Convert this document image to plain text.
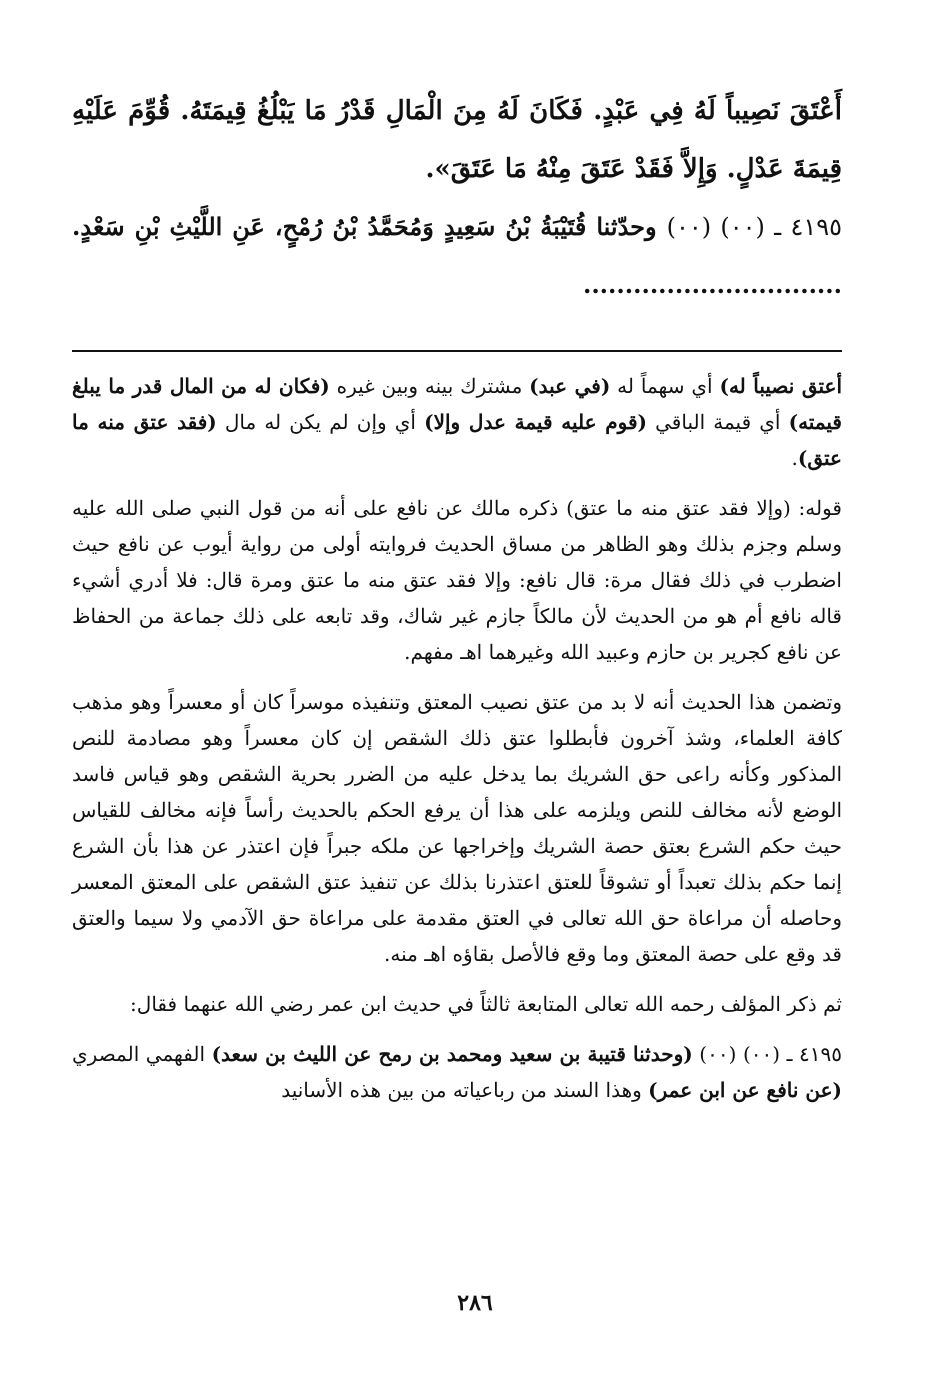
أَعْتَقَ نَصِيباً لَهُ فِي عَبْدٍ. فَكَانَ لَهُ مِنَ الْمَالِ قَدْرُ مَا يَبْلُغُ قِيمَتَهُ. قُوِّمَ عَلَيْهِ قِيمَةَ عَدْلٍ. وَإِلاَّ فَقَدْ عَتَقَ مِنْهُ مَا عَتَقَ».

٤١٩٥ ـ (٠٠) (٠٠) وحدّثنا قُتَيْبَةُ بْنُ سَعِيدٍ وَمُحَمَّدُ بْنُ رُمْحٍ، عَنِ اللَّيْثِ بْنِ سَعْدٍ. ...............................

أعتق نصيباً له) أي سهماً له (في عبد) مشترك بينه وبين غيره (فكان له من المال قدر ما يبلغ قيمته) أي قيمة الباقي (قوم عليه قيمة عدل وإلا) أي وإن لم يكن له مال (فقد عتق منه ما عتق).

قوله: (وإلا فقد عتق منه ما عتق) ذكره مالك عن نافع على أنه من قول النبي صلى الله عليه وسلم وجزم بذلك وهو الظاهر من مساق الحديث فروايته أولى من رواية أيوب عن نافع حيث اضطرب في ذلك فقال مرة: قال نافع: وإلا فقد عتق منه ما عتق ومرة قال: فلا أدري أشيء قاله نافع أم هو من الحديث لأن مالكاً جازم غير شاك، وقد تابعه على ذلك جماعة من الحفاظ عن نافع كجرير بن حازم وعبيد الله وغيرهما اهـ مفهم.

وتضمن هذا الحديث أنه لا بد من عتق نصيب المعتق وتنفيذه موسراً كان أو معسراً وهو مذهب كافة العلماء، وشذ آخرون فأبطلوا عتق ذلك الشقص إن كان معسراً وهو مصادمة للنص المذكور وكأنه راعى حق الشريك بما يدخل عليه من الضرر بحرية الشقص وهو قياس فاسد الوضع لأنه مخالف للنص ويلزمه على هذا أن يرفع الحكم بالحديث رأساً فإنه مخالف للقياس حيث حكم الشرع بعتق حصة الشريك وإخراجها عن ملكه جبراً فإن اعتذر عن هذا بأن الشرع إنما حكم بذلك تعبداً أو تشوقاً للعتق اعتذرنا بذلك عن تنفيذ عتق الشقص على المعتق المعسر وحاصله أن مراعاة حق الله تعالى في العتق مقدمة على مراعاة حق الآدمي ولا سيما والعتق قد وقع على حصة المعتق وما وقع فالأصل بقاؤه اهـ منه.

ثم ذكر المؤلف رحمه الله تعالى المتابعة ثالثاً في حديث ابن عمر رضي الله عنهما فقال:

٤١٩٥ ـ (٠٠) (٠٠) (وحدثنا قتيبة بن سعيد ومحمد بن رمح عن الليث بن سعد) الفهمي المصري (عن نافع عن ابن عمر) وهذا السند من رباعياته من بين هذه الأسانيد

٢٨٦
